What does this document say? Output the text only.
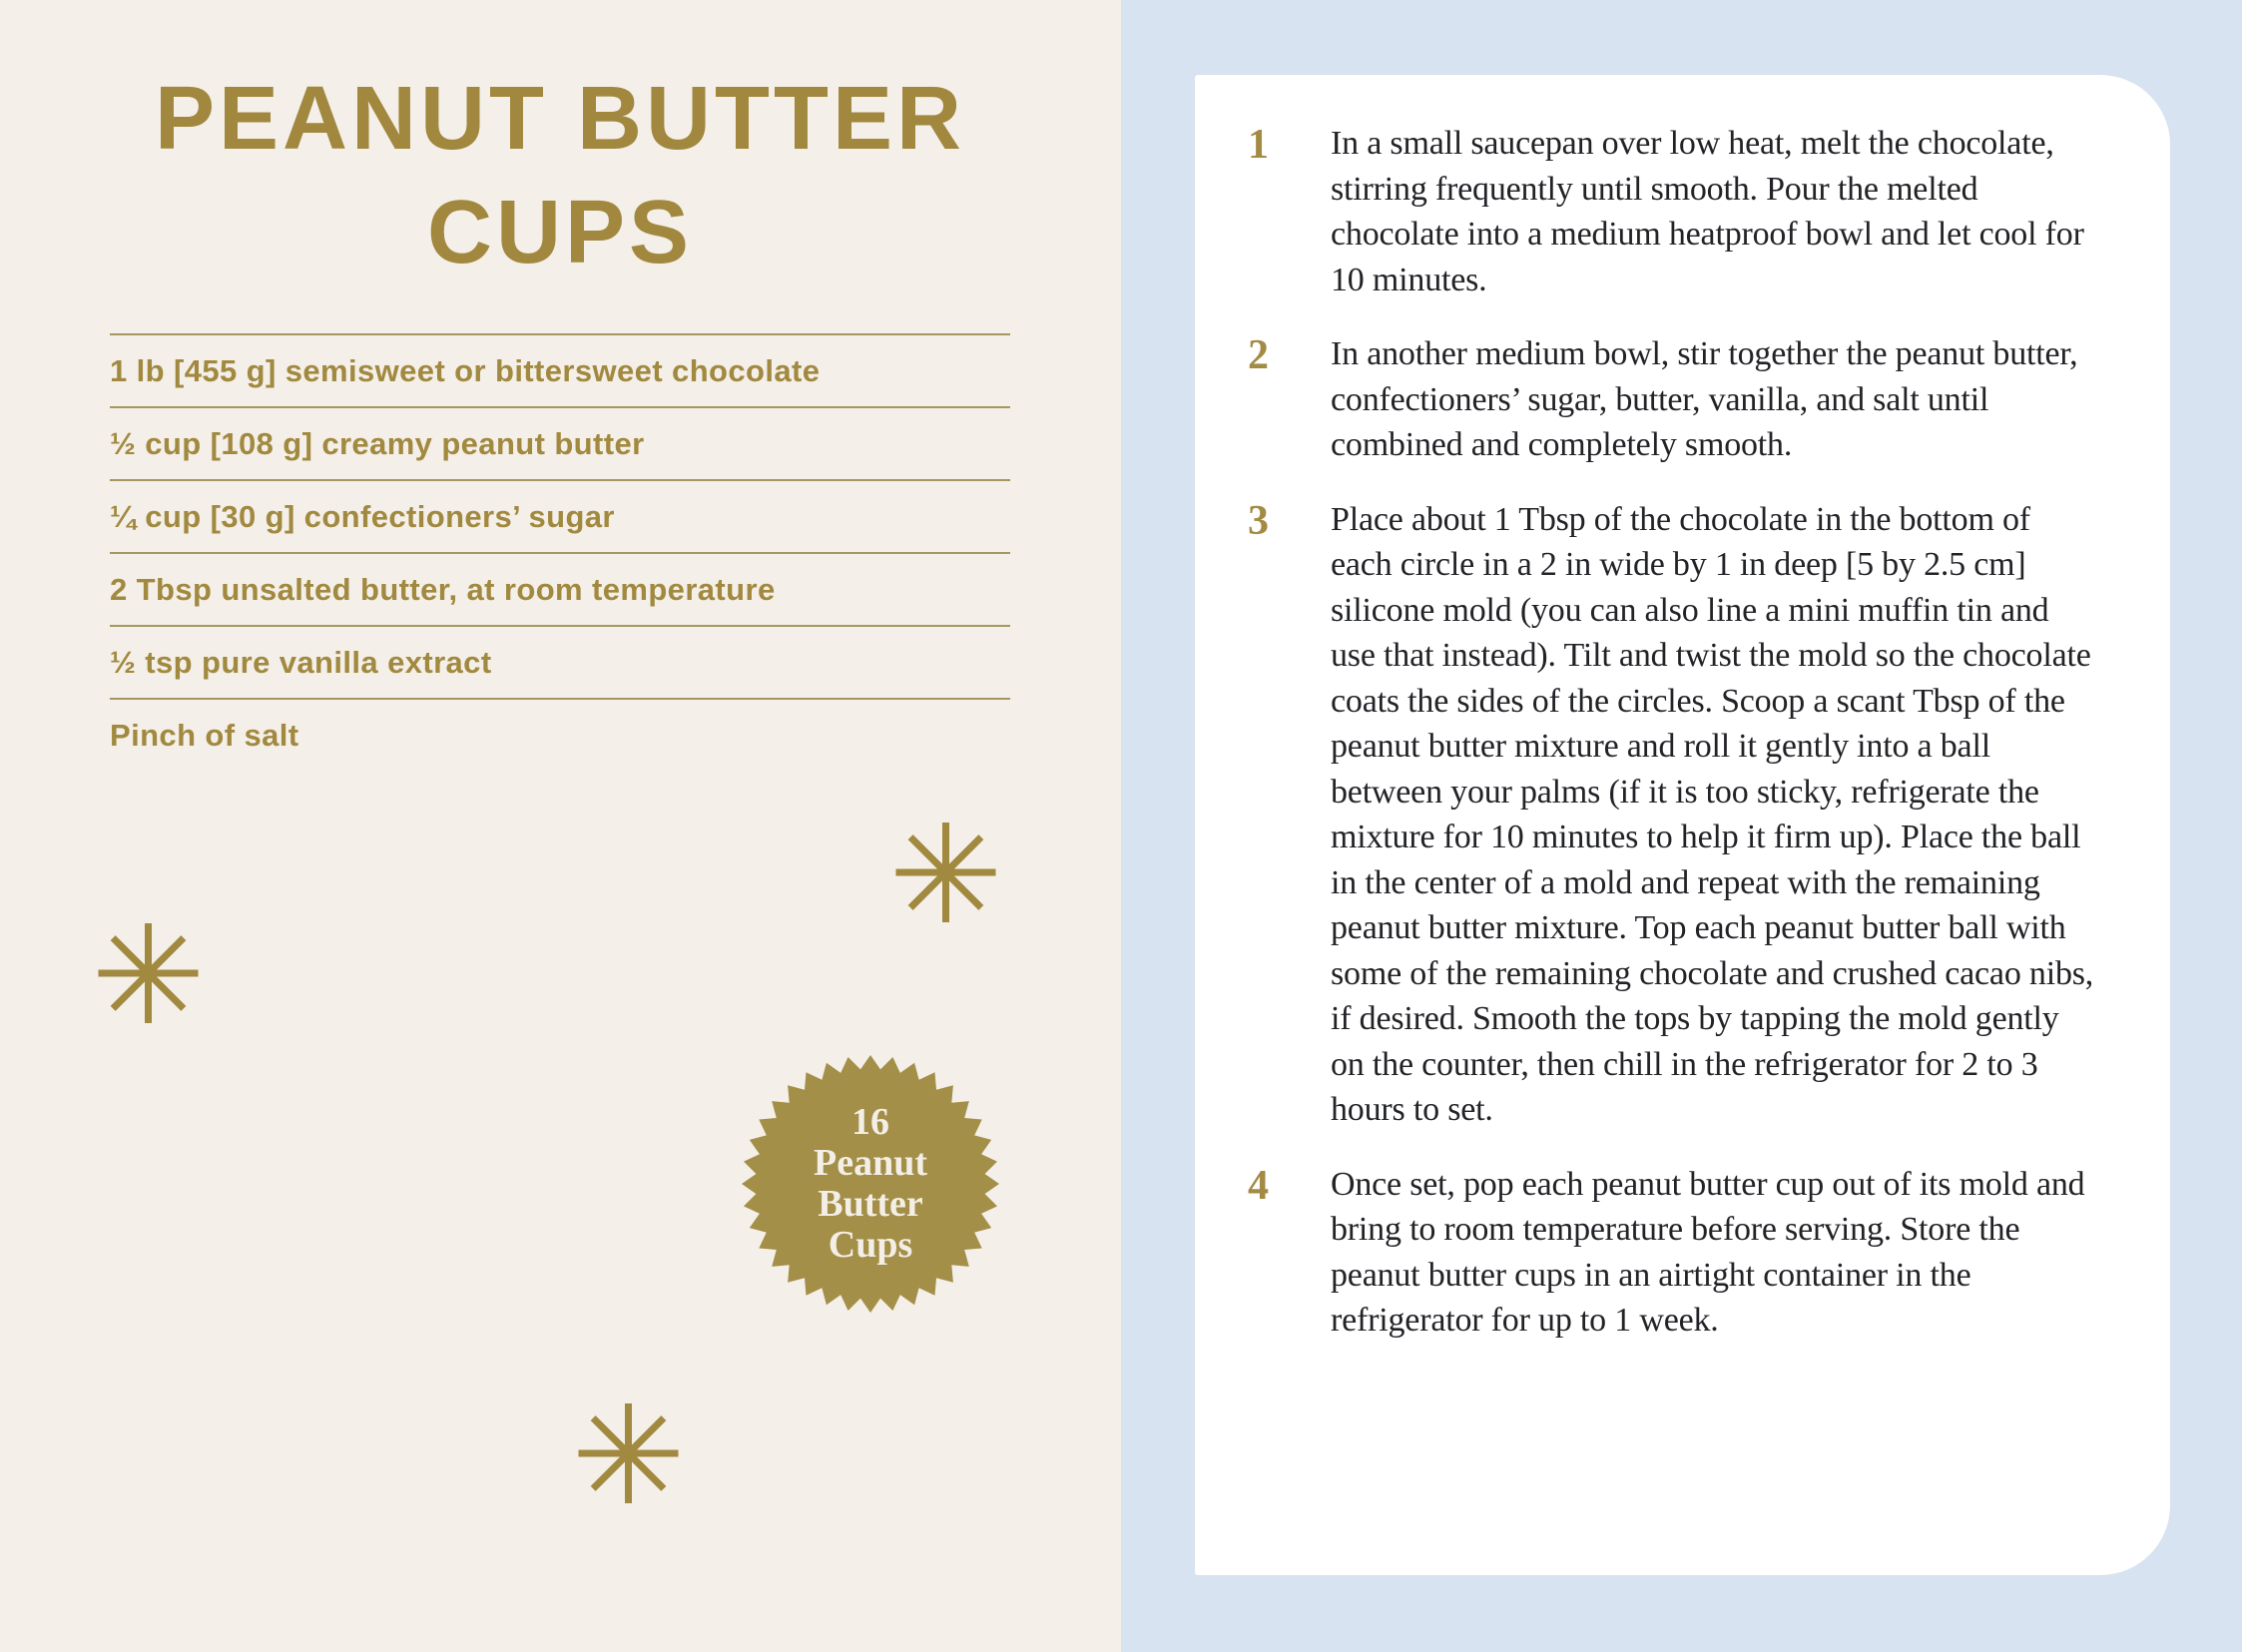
PEANUT BUTTER
CUPS
1 lb [455 g] semisweet or bittersweet chocolate
½ cup [108 g] creamy peanut butter
¼ cup [30 g] confectioners’ sugar
2 Tbsp unsalted butter, at room temperature
½ tsp pure vanilla extract
Pinch of salt
16
Peanut
Butter
Cups
1	In a small saucepan over low heat, melt the chocolate, stirring frequently until smooth. Pour the melted chocolate into a medium heatproof bowl and let cool for 10 minutes.

2	In another medium bowl, stir together the peanut butter, confectioners’ sugar, butter, vanilla, and salt until combined and completely smooth.

3	Place about 1 Tbsp of the chocolate in the bottom of each circle in a 2 in wide by 1 in deep [5 by 2.5 cm] silicone mold (you can also line a mini muffin tin and use that instead). Tilt and twist the mold so the chocolate coats the sides of the circles. Scoop a scant Tbsp of the peanut butter mixture and roll it gently into a ball between your palms (if it is too sticky, refrigerate the mixture for 10 minutes to help it firm up). Place the ball in the center of a mold and repeat with the remaining peanut butter mixture. Top each peanut butter ball with some of the remaining chocolate and crushed cacao nibs, if desired. Smooth the tops by tapping the mold gently on the counter, then chill in the refrigerator for 2 to 3 hours to set.

4	Once set, pop each peanut butter cup out of its mold and bring to room temperature before serving. Store the peanut butter cups in an airtight container in the refrigerator for up to 1 week.
